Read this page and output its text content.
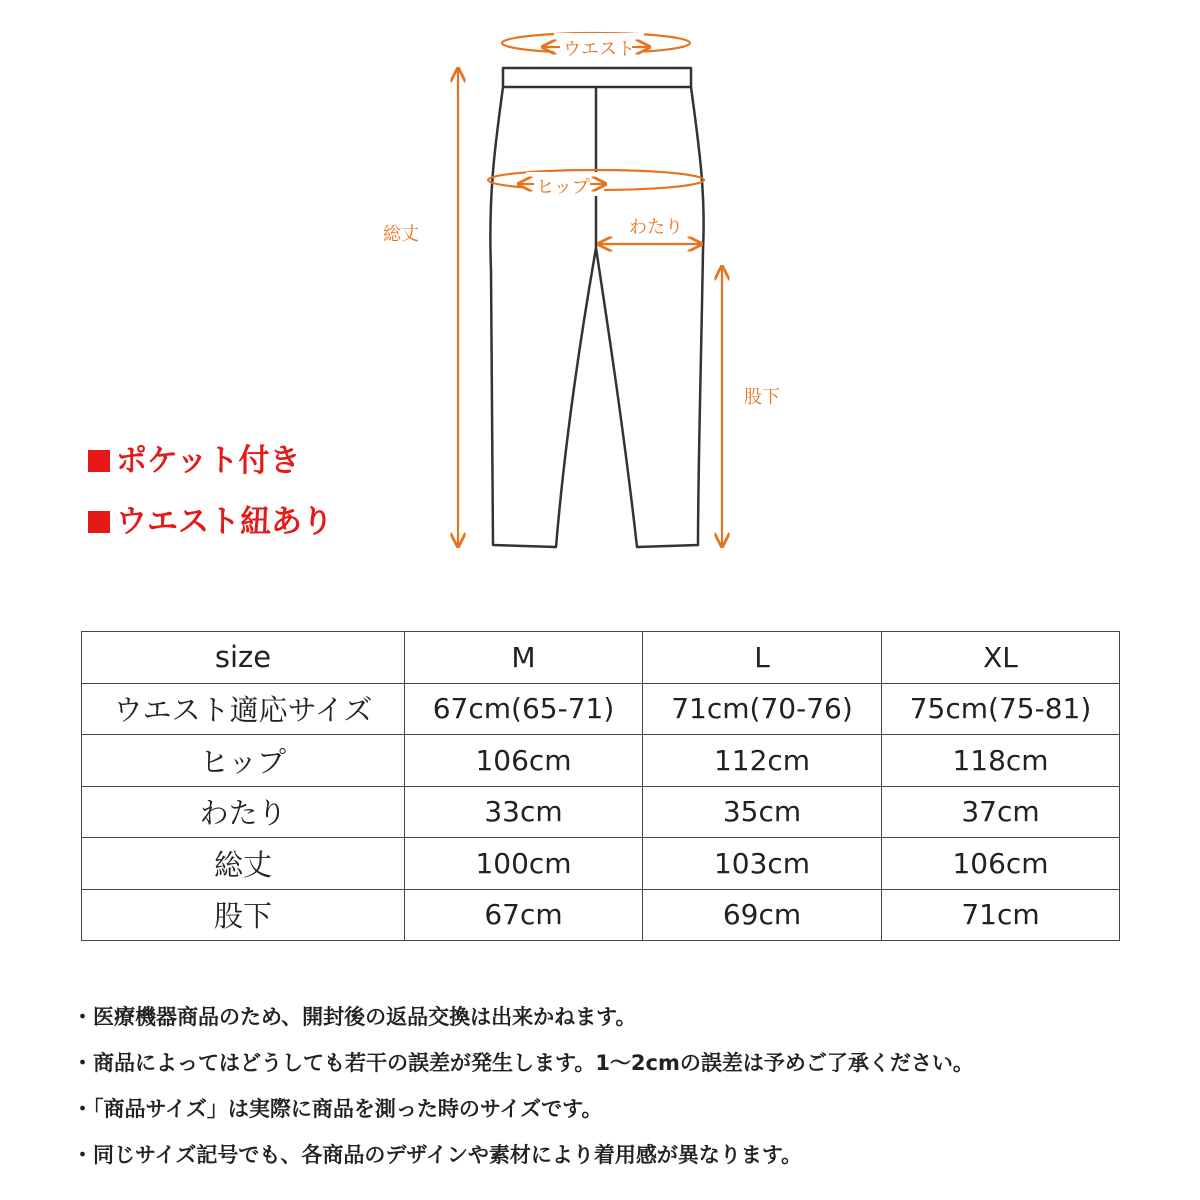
ウエスト
ヒップ
わたり
総丈
股下
ポケット付き
ウエスト紐あり
size	M	L	XL
ウエスト適応サイズ	67cm(65-71)	71cm(70-76)	75cm(75-81)
ヒップ	106cm	112cm	118cm
わたり	33cm	35cm	37cm
総丈	100cm	103cm	106cm
股下	67cm	69cm	71cm
・医療機器商品のため、開封後の返品交換は出来かねます。
・商品によってはどうしても若干の誤差が発生します。1〜2cmの誤差は予めご了承ください。
・「商品サイズ」は実際に商品を測った時のサイズです。
・同じサイズ記号でも、各商品のデザインや素材により着用感が異なります。
